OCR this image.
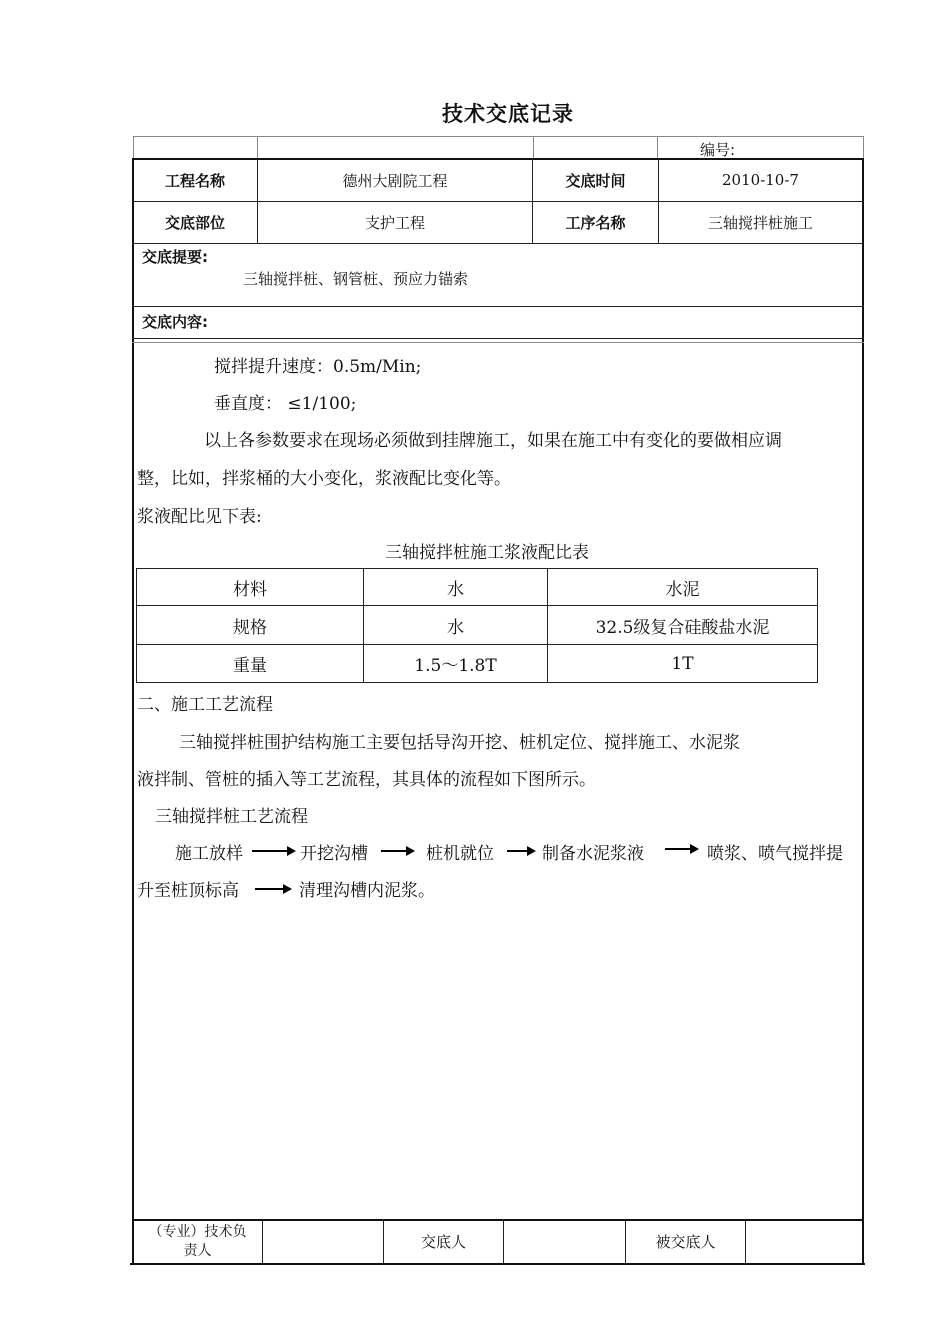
技术交底记录
编号:
工程名称	德州大剧院工程	交底时间	2010-10-7
交底部位	支护工程	工序名称	三轴搅拌桩施工
交底提要:
三轴搅拌桩、钢管桩、预应力锚索
交底内容:
搅拌提升速度：0.5m/Min;
垂直度： ≤1/100;
以上各参数要求在现场必须做到挂牌施工，如果在施工中有变化的要做相应调
整，比如，拌浆桶的大小变化，浆液配比变化等。
浆液配比见下表:
三轴搅拌桩施工浆液配比表
材料	水	水泥
规格	水	32.5级复合硅酸盐水泥
重量	1.5～1.8T	1T
二、施工工艺流程
三轴搅拌桩围护结构施工主要包括导沟开挖、桩机定位、搅拌施工、水泥浆
液拌制、管桩的插入等工艺流程，其具体的流程如下图所示。
三轴搅拌桩工艺流程
施工放样	开挖沟槽	桩机就位	制备水泥浆液	喷浆、喷气搅拌提
升至桩顶标高	清理沟槽内泥浆。
（专业）技术负
责人	交底人	被交底人
